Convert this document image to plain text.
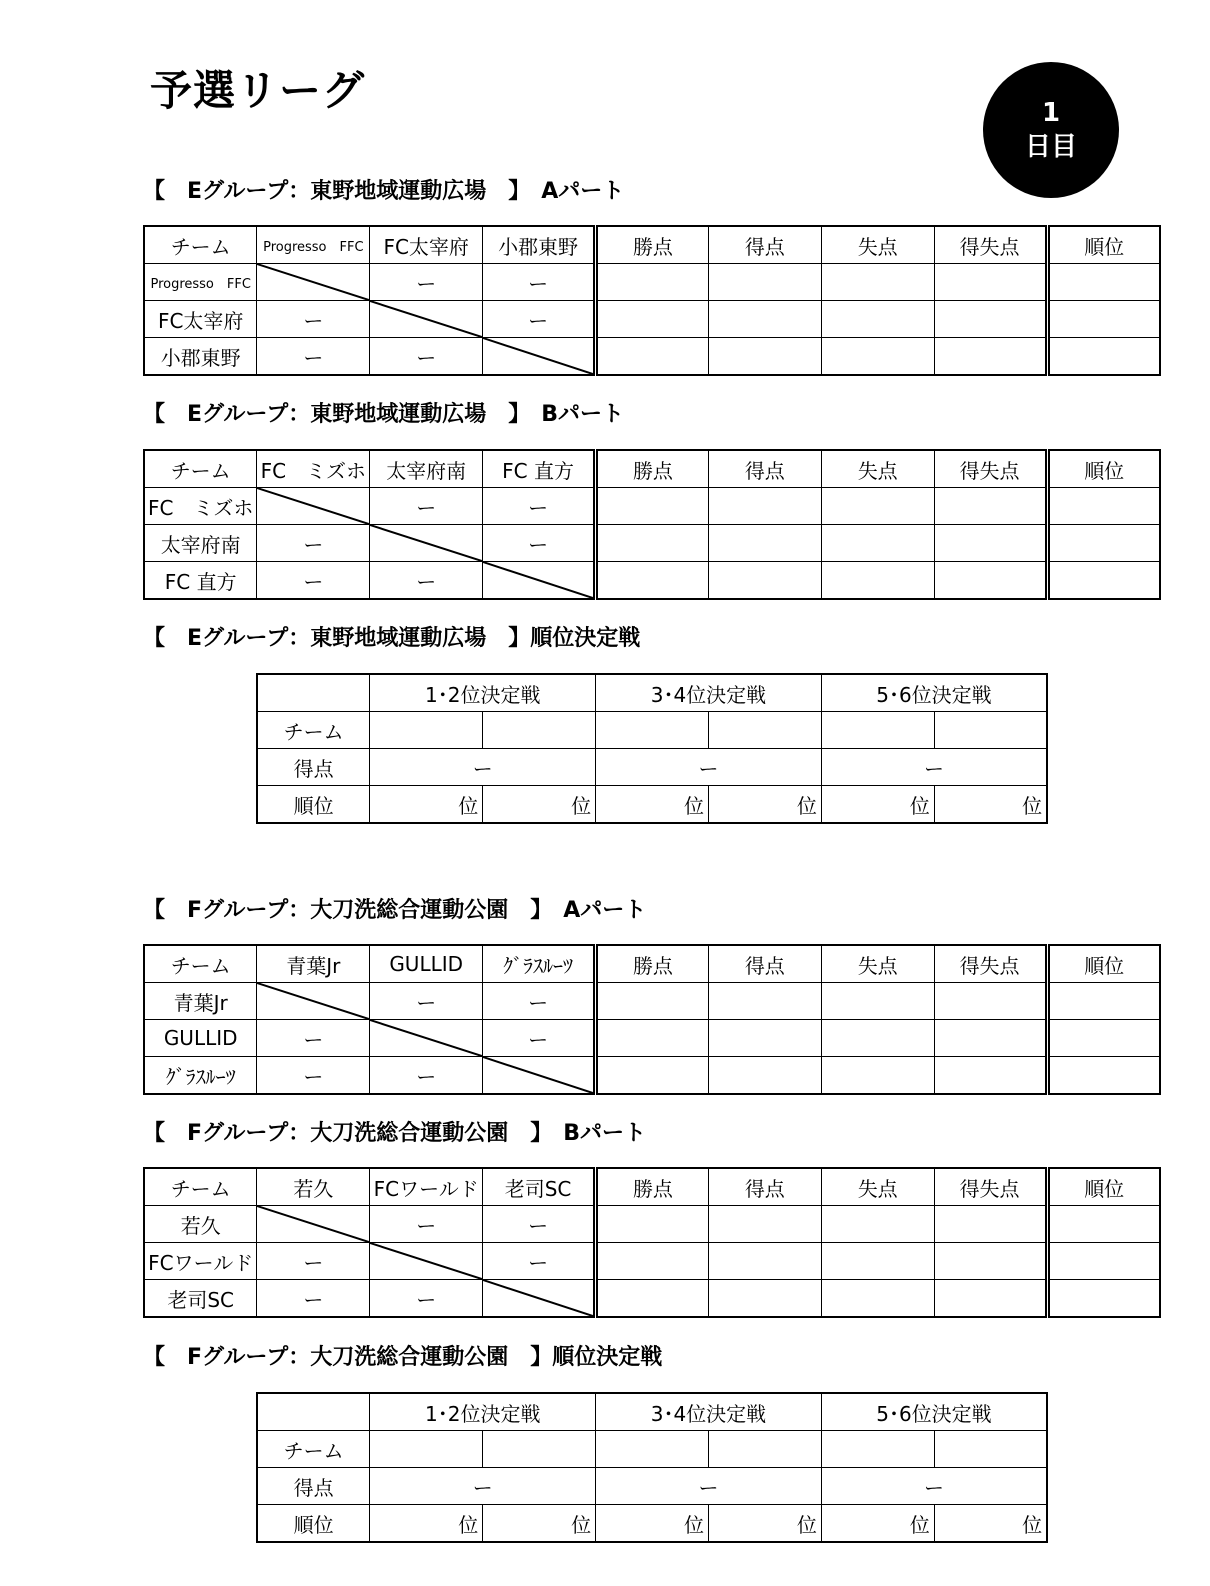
予選リーグ	1
日目
【　Eグループ：東野地域運動広場　】　Aパート
チーム	Progresso　FFC	FC太宰府	小郡東野	勝点	得点	失点	得失点	順位
Progresso　FFC		ー	ー					
FC太宰府	ー		ー					
小郡東野	ー	ー	

【　Eグループ：東野地域運動広場　】　Bパート
チーム	FC　ミズホ	太宰府南	FC 直方	勝点	得点	失点	得失点	順位
FC　ミズホ		ー	ー					
太宰府南	ー		ー					
FC 直方	ー	ー	

【　Eグループ：東野地域運動広場　】順位決定戦
	1･2位決定戦		3･4位決定戦		5･6位決定戦	
チーム						
得点	ー		ー		ー	
順位	位	位	位	位	位	位
【　Fグループ：大刀洗総合運動公園　】　Aパート
チーム	青葉Jr	GULLID	ｸﾞﾗｽﾙｰﾂ	勝点	得点	失点	得失点	順位
青葉Jr		ー	ー					
GULLID	ー		ー					
ｸﾞﾗｽﾙｰﾂ	ー	ー	

【　Fグループ：大刀洗総合運動公園　】　Bパート
チーム	若久	FCワールド	老司SC	勝点	得点	失点	得失点	順位
若久		ー	ー					
FCワールド	ー		ー					
老司SC	ー	ー	

【　Fグループ：大刀洗総合運動公園　】順位決定戦
	1･2位決定戦		3･4位決定戦		5･6位決定戦	
チーム						
得点	ー		ー		ー	
順位	位	位	位	位	位	位
